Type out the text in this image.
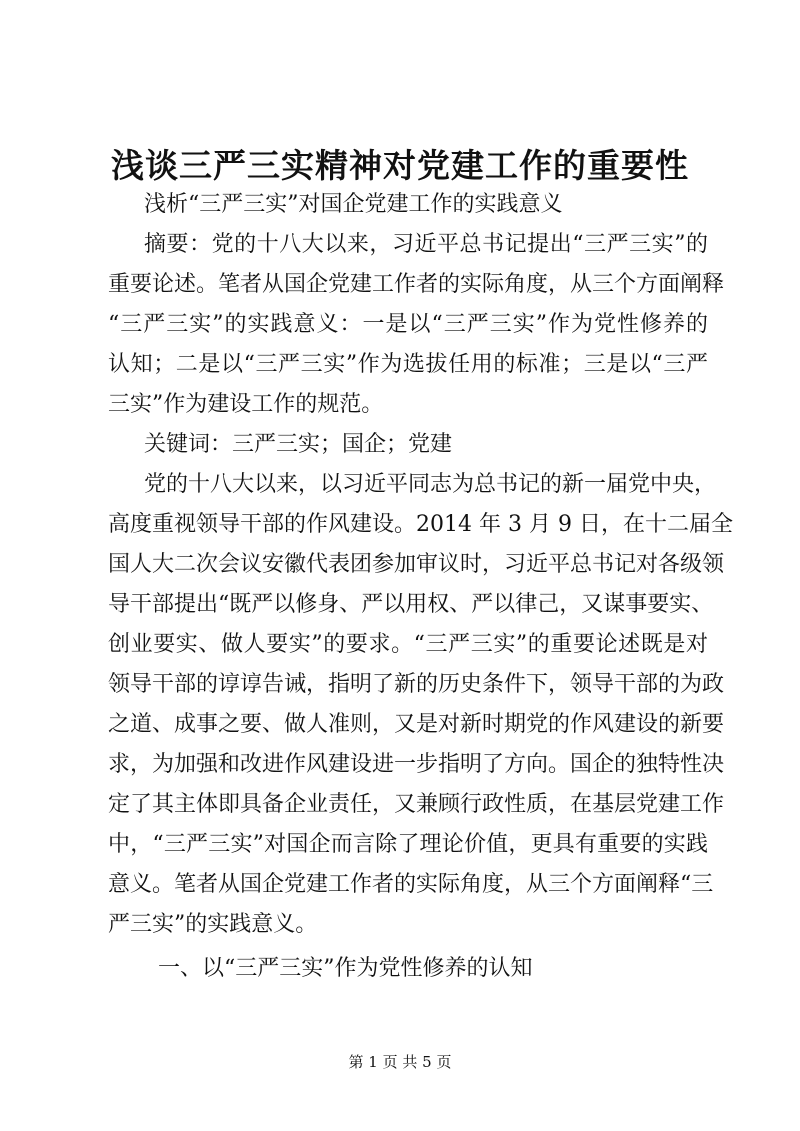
浅谈三严三实精神对党建工作的重要性
浅析“三严三实”对国企党建工作的实践意义
摘要：党的十八大以来，习近平总书记提出“三严三实”的
重要论述。笔者从国企党建工作者的实际角度，从三个方面阐释
“三严三实”的实践意义：一是以“三严三实”作为党性修养的
认知；二是以“三严三实”作为选拔任用的标准；三是以“三严
三实”作为建设工作的规范。
关键词：三严三实；国企；党建
党的十八大以来，以习近平同志为总书记的新一届党中央，
高度重视领导干部的作风建设。2014 年 3 月 9 日，在十二届全
国人大二次会议安徽代表团参加审议时，习近平总书记对各级领
导干部提出“既严以修身、严以用权、严以律己，又谋事要实、
创业要实、做人要实”的要求。“三严三实”的重要论述既是对
领导干部的谆谆告诫，指明了新的历史条件下，领导干部的为政
之道、成事之要、做人准则，又是对新时期党的作风建设的新要
求，为加强和改进作风建设进一步指明了方向。国企的独特性决
定了其主体即具备企业责任，又兼顾行政性质，在基层党建工作
中，“三严三实”对国企而言除了理论价值，更具有重要的实践
意义。笔者从国企党建工作者的实际角度，从三个方面阐释“三
严三实”的实践意义。
一、以“三严三实”作为党性修养的认知
第 1 页 共 5 页
